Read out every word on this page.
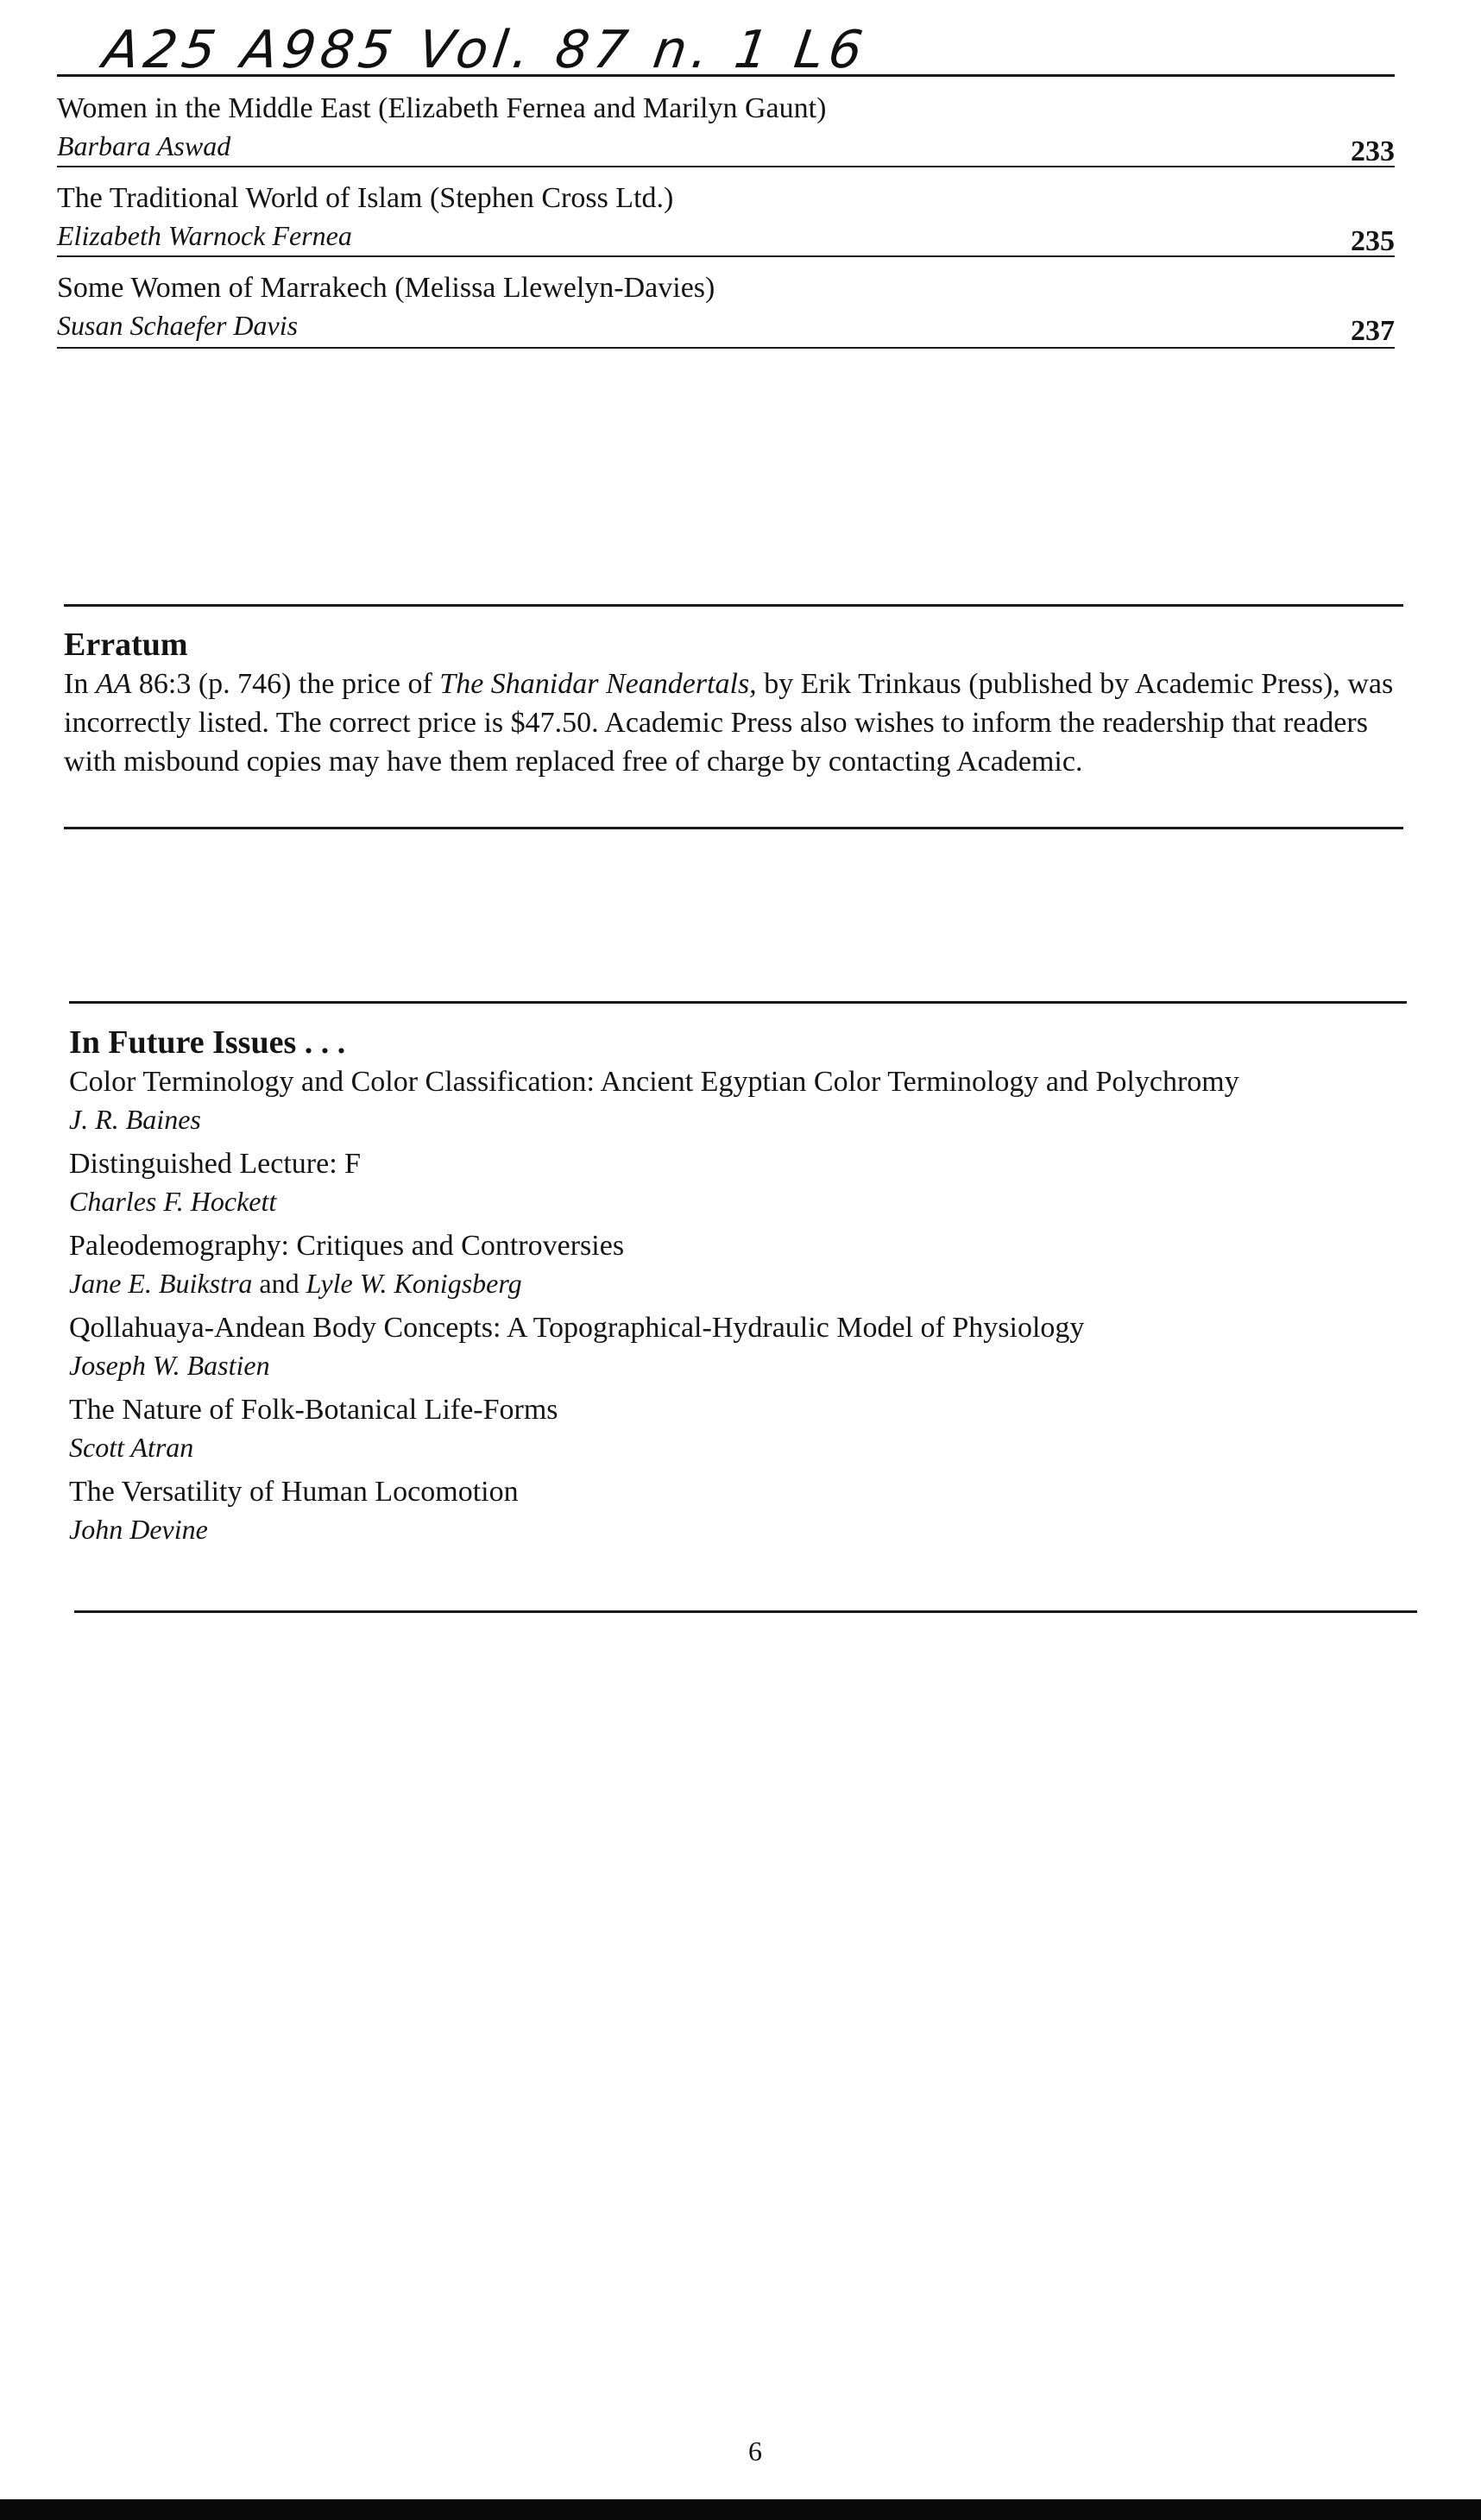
A25 A985 Vol. 87 n. 1 L6
Women in the Middle East (Elizabeth Fernea and Marilyn Gaunt)
Barbara Aswad	233
The Traditional World of Islam (Stephen Cross Ltd.)
Elizabeth Warnock Fernea	235
Some Women of Marrakech (Melissa Llewelyn-Davies)
Susan Schaefer Davis	237
Erratum
In AA 86:3 (p. 746) the price of The Shanidar Neandertals, by Erik Trinkaus (published by Academic Press), was incorrectly listed. The correct price is $47.50. Academic Press also wishes to inform the readership that readers with misbound copies may have them replaced free of charge by contacting Academic.
In Future Issues . . .
Color Terminology and Color Classification: Ancient Egyptian Color Terminology and Polychromy
J. R. Baines
Distinguished Lecture: F
Charles F. Hockett
Paleodemography: Critiques and Controversies
Jane E. Buikstra and Lyle W. Konigsberg
Qollahuaya-Andean Body Concepts: A Topographical-Hydraulic Model of Physiology
Joseph W. Bastien
The Nature of Folk-Botanical Life-Forms
Scott Atran
The Versatility of Human Locomotion
John Devine
6
